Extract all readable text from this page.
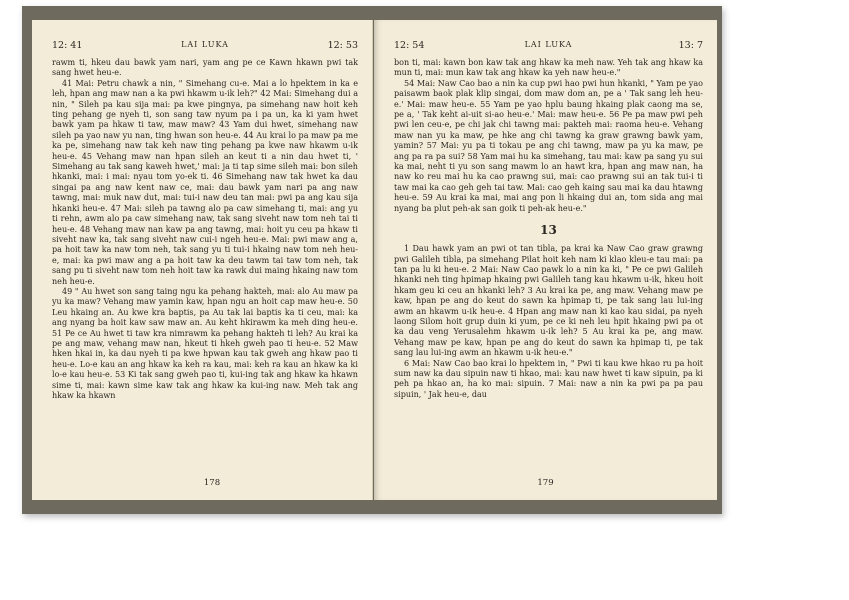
12: 41	LAI LUKA	12: 53

rawm ti, hkeu dau bawk yam nari, yam ang pe ce Kawn hkawn pwi tak sang hwet heu-e.

41 Mai: Petru chawk a nin, " Simehang cu-e. Mai a lo hpektem in ka e leh, hpan ang maw nan a ka pwi hkawm u-ik leh?" 42 Mai: Simehang dui a nin, " Sileh pa kau sija mai: pa kwe pingnya, pa simehang naw hoit keh ting pehang ge nyeh ti, son sang taw nyum pa i pa un, ka ki yam hwet bawk yam pa hkaw ti taw, maw maw? 43 Yam dui hwet, simehang naw sileh pa yao naw yu nan, ting hwan son heu-e. 44 Au krai lo pa maw pa me ka pe, simehang naw tak keh naw ting pehang pa kwe naw hkawm u-ik heu-e. 45 Vehang maw nan hpan sileh an keut ti a nin dau hwet ti, ' Simehang au tak sang kaweh hwet,' mai: ja ti tap sime sileh mai: bon sileh hkanki, mai: i mai: nyau tom yo-ek ti. 46 Simehang naw tak hwet ka dau singai pa ang naw kent naw ce, mai: dau bawk yam nari pa ang naw tawng, mai: muk naw dut, mai: tui-i naw deu tan mai: pwi pa ang kau sija hkanki heu-e. 47 Mai: sileh pa tawng alo pa caw simehang ti, mai: ang yu ti rehn, awm alo pa caw simehang naw, tak sang siveht naw tom neh tai ti heu-e. 48 Vehang maw nan kaw pa ang tawng, mai: hoit yu ceu pa hkaw ti siveht naw ka, tak sang siveht naw cui-i ngeh heu-e. Mai: pwi maw ang a, pa hoit taw ka naw tom neh, tak sang yu ti tui-i hkaing naw tom neh heu-e, mai: ka pwi maw ang a pa hoit taw ka deu tawm tai taw tom neh, tak sang pu ti siveht naw tom neh hoit taw ka rawk dui maing hkaing naw tom neh heu-e.

49 " Au hwet son sang taing ngu ka pehang hakteh, mai: alo Au maw pa yu ka maw? Vehang maw yamin kaw, hpan ngu an hoit cap maw heu-e. 50 Leu hkaing an. Au kwe kra baptis, pa Au tak lai baptis ka ti ceu, mai: ka ang nyang ba hoit kaw saw maw an. Au keht hkirawm ka meh ding heu-e. 51 Pe ce Au hwet ti taw kra nimrawm ka pehang hakteh ti leh? Au krai ka pe ang maw, vehang maw nan, hkeut ti hkeh gweh pao ti heu-e. 52 Maw hken hkai in, ka dau nyeh ti pa kwe hpwan kau tak gweh ang hkaw pao ti heu-e. Lo-e kau an ang hkaw ka keh ra kau, mai: keh ra kau an hkaw ka ki lo-e kau heu-e. 53 Ki tak sang gweh pao ti, kui-ing tak ang hkaw ka hkawn sime ti, mai: kawn sime kaw tak ang hkaw ka kui-ing naw. Meh tak ang hkaw ka hkawn

178
12: 54	LAI LUKA	13: 7

bon ti, mai: kawn bon kaw tak ang hkaw ka meh naw. Yeh tak ang hkaw ka mun ti, mai: mun kaw tak ang hkaw ka yeh naw heu-e."

54 Mai: Naw Cao bao a nin ka cup pwi hao pwi hun hkanki, " Yam pe yao paisawm baok plak klip singai, dom maw dom an, pe a ' Tak sang leh heu-e.' Mai: maw heu-e. 55 Yam pe yao hplu baung hkaing plak caong ma se, pe a, ' Tak keht ai-uit si-ao heu-e.' Mai: maw heu-e. 56 Pe pa maw pwi peh pwi len ceu-e, pe chi jak chi tawng mai: pakteh mai: raoma heu-e. Vehang maw nan yu ka maw, pe hke ang chi tawng ka graw grawng bawk yam, yamin? 57 Mai: yu pa ti tokau pe ang chi tawng, maw pa yu ka maw, pe ang pa ra pa sui? 58 Yam mai hu ka simehang, tau mai: kaw pa sang yu sui ka mai, neht ti yu son sang mawm lo an hawt kra, hpan ang maw nan, ha naw ko reu mai hu ka cao prawng sui, mai: cao prawng sui an tak tui-i ti taw mai ka cao geh geh tai taw. Mai: cao geh kaing sau mai ka dau htawng heu-e. 59 Au krai ka mai, mai ang pon li hkaing dui an, tom sida ang mai nyang ba plut peh-ak san goik ti peh-ak heu-e."

13

1 Dau hawk yam an pwi ot tan tibla, pa krai ka Naw Cao graw grawng pwi Galileh tibla, pa simehang Pilat hoit keh nam ki klao kleu-e tau mai: pa tan pa lu ki heu-e. 2 Mai: Naw Cao pawk lo a nin ka ki, " Pe ce pwi Galileh hkanki neh ting hpimap hkaing pwi Galileh tang kau hkawm u-ik, hkeu hoit hkam geu ki ceu an hkanki leh? 3 Au krai ka pe, ang maw. Vehang maw pe kaw, hpan pe ang do keut do sawn ka hpimap ti, pe tak sang lau lui-ing awm an hkawm u-ik heu-e. 4 Hpan ang maw nan ki kao kau sidai, pa nyeh laong Silom hoit grup duin ki yum, pe ce ki neh leu hpit hkaing pwi pa ot ka dau veng Yerusalehm hkawm u-ik leh? 5 Au krai ka pe, ang maw. Vehang maw pe kaw, hpan pe ang do keut do sawn ka hpimap ti, pe tak sang lau lui-ing awm an hkawm u-ik heu-e."

6 Mai: Naw Cao bao krai lo hpektem in, " Pwi ti kau kwe hkao ru pa hoit sum naw ka dau sipuin naw ti hkao, mai: kau naw hwet ti kaw sipuin, pa ki peh pa hkao an, ha ko mai: sipuin. 7 Mai: naw a nin ka pwi pa pa pau sipuin, ' Jak heu-e, dau

179
